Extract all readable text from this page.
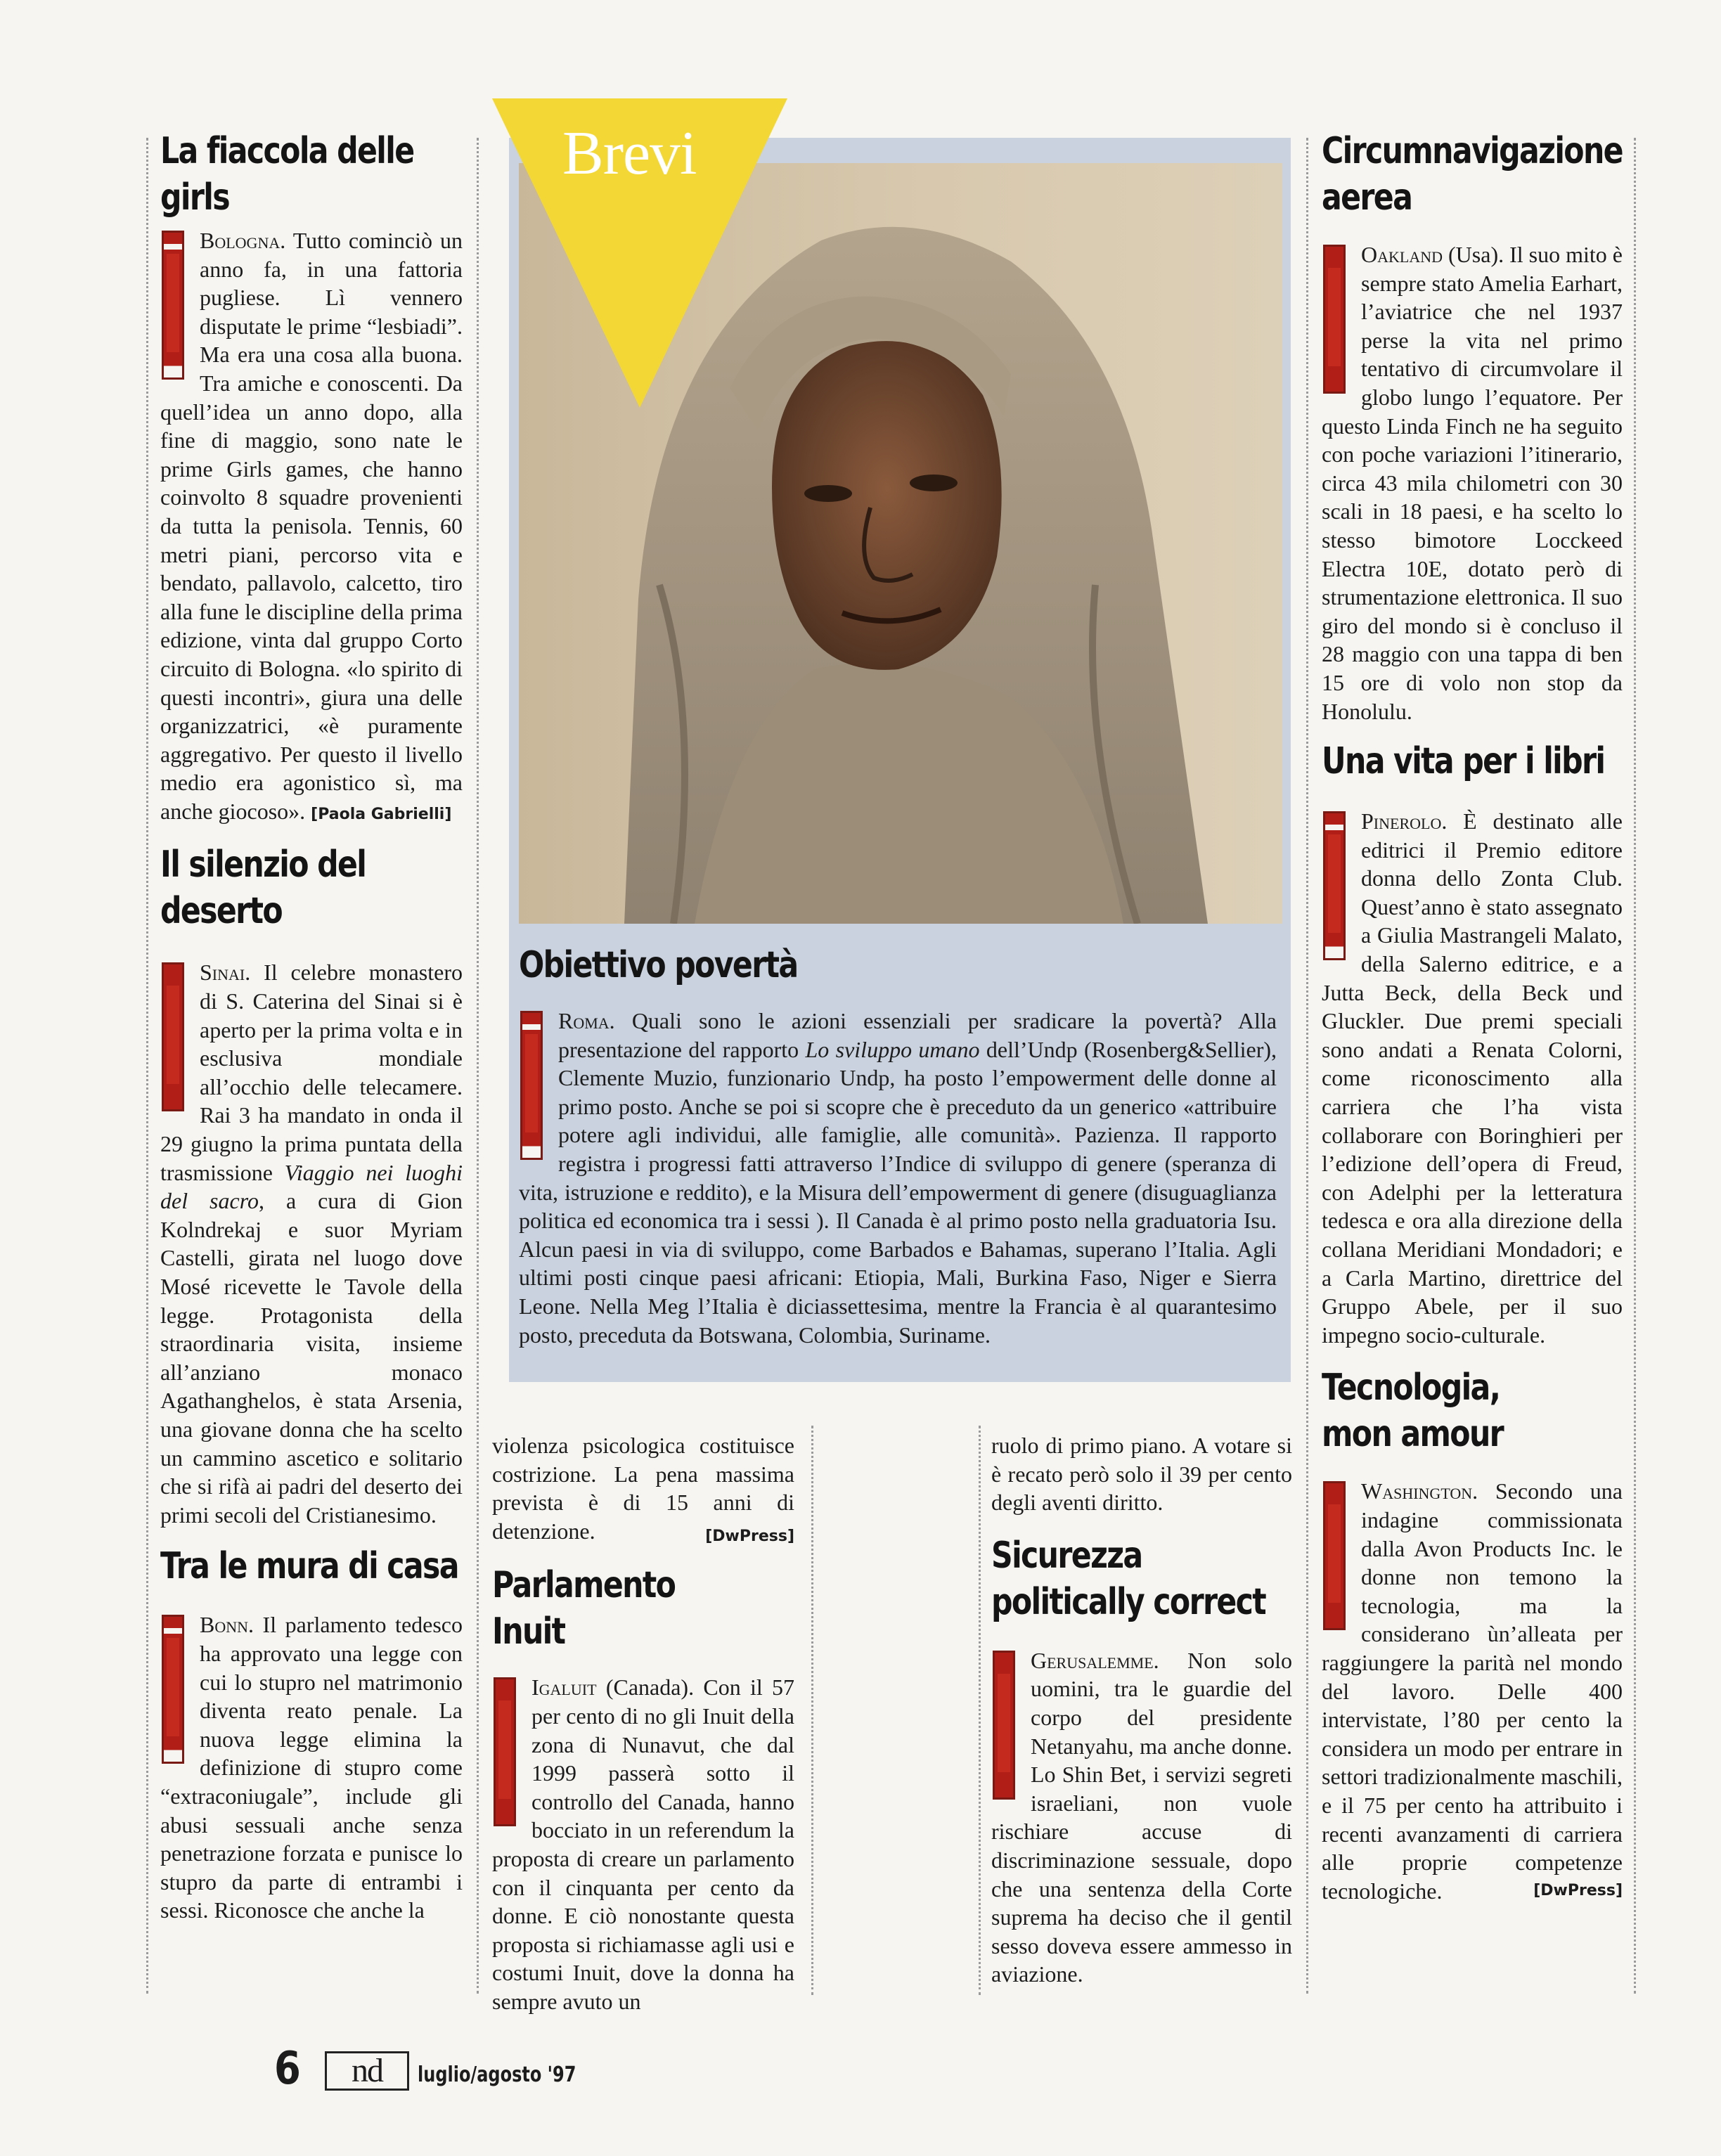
La fiaccola delle girls
Bologna. Tutto cominciò un anno fa, in una fattoria pugliese. Lì vennero disputate le prime “lesbiadi”. Ma era una cosa alla buona. Tra amiche e conoscenti. Da quell’idea un anno dopo, alla fine di maggio, sono nate le prime Girls games, che hanno coinvolto 8 squadre provenienti da tutta la penisola. Tennis, 60 metri piani, percorso vita e bendato, pallavolo, calcetto, tiro alla fune le discipline della prima edizione, vinta dal gruppo Corto circuito di Bologna. «lo spirito di questi incontri», giura una delle organizzatrici, «è puramente aggregativo. Per questo il livello medio era agonistico sì, ma anche giocoso». [Paola Gabrielli]
Il silenzio del
deserto
Sinai. Il celebre monastero di S. Caterina del Sinai si è aperto per la prima volta e in esclusiva mondiale all’occhio delle telecamere. Rai 3 ha mandato in onda il 29 giugno la prima puntata della trasmissione Viaggio nei luoghi del sacro, a cura di Gion Kolndrekaj e suor Myriam Castelli, girata nel luogo dove Mosé ricevette le Tavole della legge. Protagonista della straordinaria visita, insieme all’anziano monaco Agathanghelos, è stata Arsenia, una giovane donna che ha scelto un cammino ascetico e solitario che si rifà ai padri del deserto dei primi secoli del Cristianesimo.
Tra le mura di casa
Bonn. Il parlamento tedesco ha approvato una legge con cui lo stupro nel matrimonio diventa reato penale. La nuova legge elimina la definizione di stupro come “extraconiugale”, include gli abusi sessuali anche senza penetrazione forzata e punisce lo stupro da parte di entrambi i sessi. Riconosce che anche la
Brevi
Obiettivo povertà
Roma. Quali sono le azioni essenziali per sradicare la povertà? Alla presentazione del rapporto Lo sviluppo umano dell’Undp (Rosenberg&Sellier), Clemente Muzio, funzionario Undp, ha posto l’empowerment delle donne al primo posto. Anche se poi si scopre che è preceduto da un generico «attribuire potere agli individui, alle famiglie, alle comunità». Pazienza. Il rapporto registra i progressi fatti attraverso l’Indice di sviluppo di genere (speranza di vita, istruzione e reddito), e la Misura dell’empowerment di genere (disuguaglianza politica ed economica tra i sessi ). Il Canada è al primo posto nella graduatoria Isu. Alcun paesi in via di sviluppo, come Barbados e Bahamas, superano l’Italia. Agli ultimi posti cinque paesi africani: Etiopia, Mali, Burkina Faso, Niger e Sierra Leone. Nella Meg l’Italia è diciassettesima, mentre la Francia è al quarantesimo posto, preceduta da Botswana, Colombia, Suriname.
violenza psicologica costituisce costrizione. La pena massima prevista è di 15 anni di detenzione.	[DwPress]
Parlamento Inuit
Igaluit (Canada). Con il 57 per cento di no gli Inuit della zona di Nunavut, che dal 1999 passerà sotto il controllo del Canada, hanno bocciato in un referendum la proposta di creare un parlamento con il cinquanta per cento da donne. E ciò nonostante questa proposta si richiamasse agli usi e costumi Inuit, dove la donna ha sempre avuto un
ruolo di primo piano. A votare si è recato però solo il 39 per cento degli aventi diritto.
Sicurezza
politically correct
Gerusalemme. Non solo uomini, tra le guardie del corpo del presidente Netanyahu, ma anche donne. Lo Shin Bet, i servizi segreti israeliani, non vuole rischiare accuse di discriminazione sessuale, dopo che una sentenza della Corte suprema ha deciso che il gentil sesso doveva essere ammesso in aviazione.
Circumnavigazione
aerea
Oakland (Usa). Il suo mito è sempre stato Amelia Earhart, l’aviatrice che nel 1937 perse la vita nel primo tentativo di circumvolare il globo lungo l’equatore. Per questo Linda Finch ne ha seguito con poche variazioni l’itinerario, circa 43 mila chilometri con 30 scali in 18 paesi, e ha scelto lo stesso bimotore Locckeed Electra 10E, dotato però di strumentazione elettronica. Il suo giro del mondo si è concluso il 28 maggio con una tappa di ben 15 ore di volo non stop da Honolulu.
Una vita per i libri
Pinerolo. È destinato alle editrici il Premio editore donna dello Zonta Club. Quest’anno è stato assegnato a Giulia Mastrangeli Malato, della Salerno editrice, e a Jutta Beck, della Beck und Gluckler. Due premi speciali sono andati a Renata Colorni, come riconoscimento alla carriera che l’ha vista collaborare con Boringhieri per l’edizione dell’opera di Freud, con Adelphi per la letteratura tedesca e ora alla direzione della collana Meridiani Mondadori; e a Carla Martino, direttrice del Gruppo Abele, per il suo impegno socio-culturale.
Tecnologia,
mon amour
Washington. Secondo una indagine commissionata dalla Avon Products Inc. le donne non temono la tecnologia, ma la considerano ùn’alleata per raggiungere la parità nel mondo del lavoro. Delle 400 intervistate, l’80 per cento la considera un modo per entrare in settori tradizionalmente maschili, e il 75 per cento ha attribuito i recenti avanzamenti di carriera alle proprie competenze tecnologiche.	[DwPress]
6	nd	luglio/agosto '97
